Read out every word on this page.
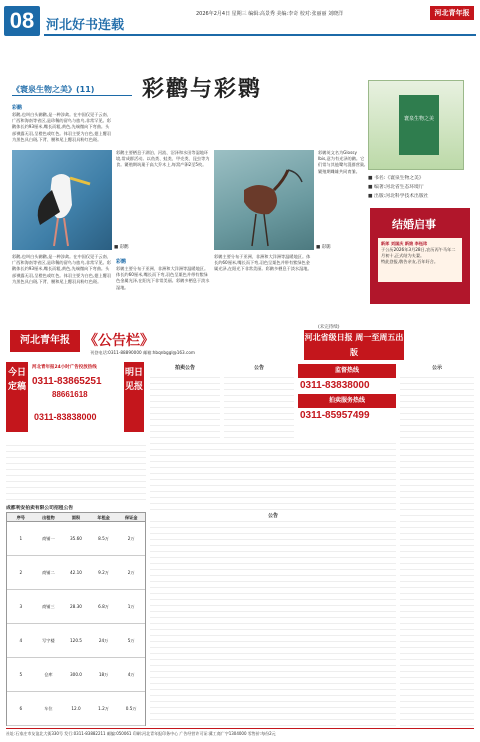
08 河北好书连载
2026年2月4日 星期三 编辑:高景秀 美编:李奇 校对:张丽丽 刘晓洋	河北青年报
《寰泉生物之美》(11)	彩鹳与彩鹮
彩鹳
彩鹳,也叫白头鹮鹳,是一种涉禽。在中国仅见于云南、广西和海南等省区,是珍稀的留鸟与旅鸟,非常罕见。彩鹳体长约93厘米,嘴长而粗,黄色,先端微向下弯曲。头部裸露无羽,呈橙色或红色。体羽主要为白色,翅上覆羽为黑色具白斑,下背、腰和尾上覆羽具粉红色斑。
■ 彩鹳
彩鹳,也叫白头鹮鹳,是一种涉禽。在中国仅见于云南、广西和海南等省区,是珍稀的留鸟与旅鸟,非常罕见。彩鹳体长约93厘米,嘴长而粗,黄色,先端微向下弯曲。头部裸露无羽,呈橙色或红色。体羽主要为白色,翅上覆羽为黑色具白斑,下背、腰和尾上覆羽具粉红色斑。
彩鹳主要栖息于湖泊、河流、沼泽和水田等湿地环境,常成群活动。以鱼类、蛙类、甲壳类、昆虫等为食。繁殖期筑巢于高大乔木上,每窝产卵2至5枚。
彩鹮
彩鹮主要分布于亚洲、非洲和大洋洲等温暖地区。体长约60厘米,嘴长而下弯,羽色呈栗色并带有紫绿色金属光泽,在阳光下非常美丽。彩鹮多栖息于淡水湿地。
■ 彩鹮
彩鹮主要分布于亚洲、非洲和大洋洲等温暖地区。体长约60厘米,嘴长而下弯,羽色呈栗色并带有紫绿色金属光泽,在阳光下非常美丽。彩鹮多栖息于淡水湿地。
彩鹮英文名为Glossy Ibis,意为有光泽的鹮。它们常与其他鹭鸟混群营巢,繁殖期雌雄共同育雏。
(未完待续)
寰泉生物之美
■ 书名:《寰泉生物之美》
■ 编著:河北省生态环境厅
■ 出版:河北科学技术出版社
结婚启事
新郎 刘国庆 新娘 李钰玮
于公历2026年3月28日,农历丙午马年二月初十,正式结为夫妻。
特此登报,敬告亲友,百年好合。
河北青年报	《公告栏》
刊登电话:0311-88890000 邮箱:hbqnbggl@163.com
河北省级日报 周一至周五出版
今日定稿
河北青年报24小时广告投放热线
0311-83865251
88661618
明日见报
0311-83838000
监督热线
0311-83838000
拍卖服务热线
0311-85957499
拍卖公告	公告	公示
公告
成都利安拍卖有限公司招租公告
序号	出租物	面积	年租金	保证金
1	商铺一	35.60	8.5万	2万
2	商铺二	42.10	9.2万	2万
3	商铺三	28.30	6.8万	1万
4	写字楼	120.5	24万	5万
5	仓库	300.0	18万	4万
6	车位	12.0	1.2万	0.5万
社址:石家庄市友谊北大街330号 发行:0311-83882211 邮编:050061 印刷:河北青年报印务中心 广告经营许可证:冀工商广字1304000 零售价:每份2元
